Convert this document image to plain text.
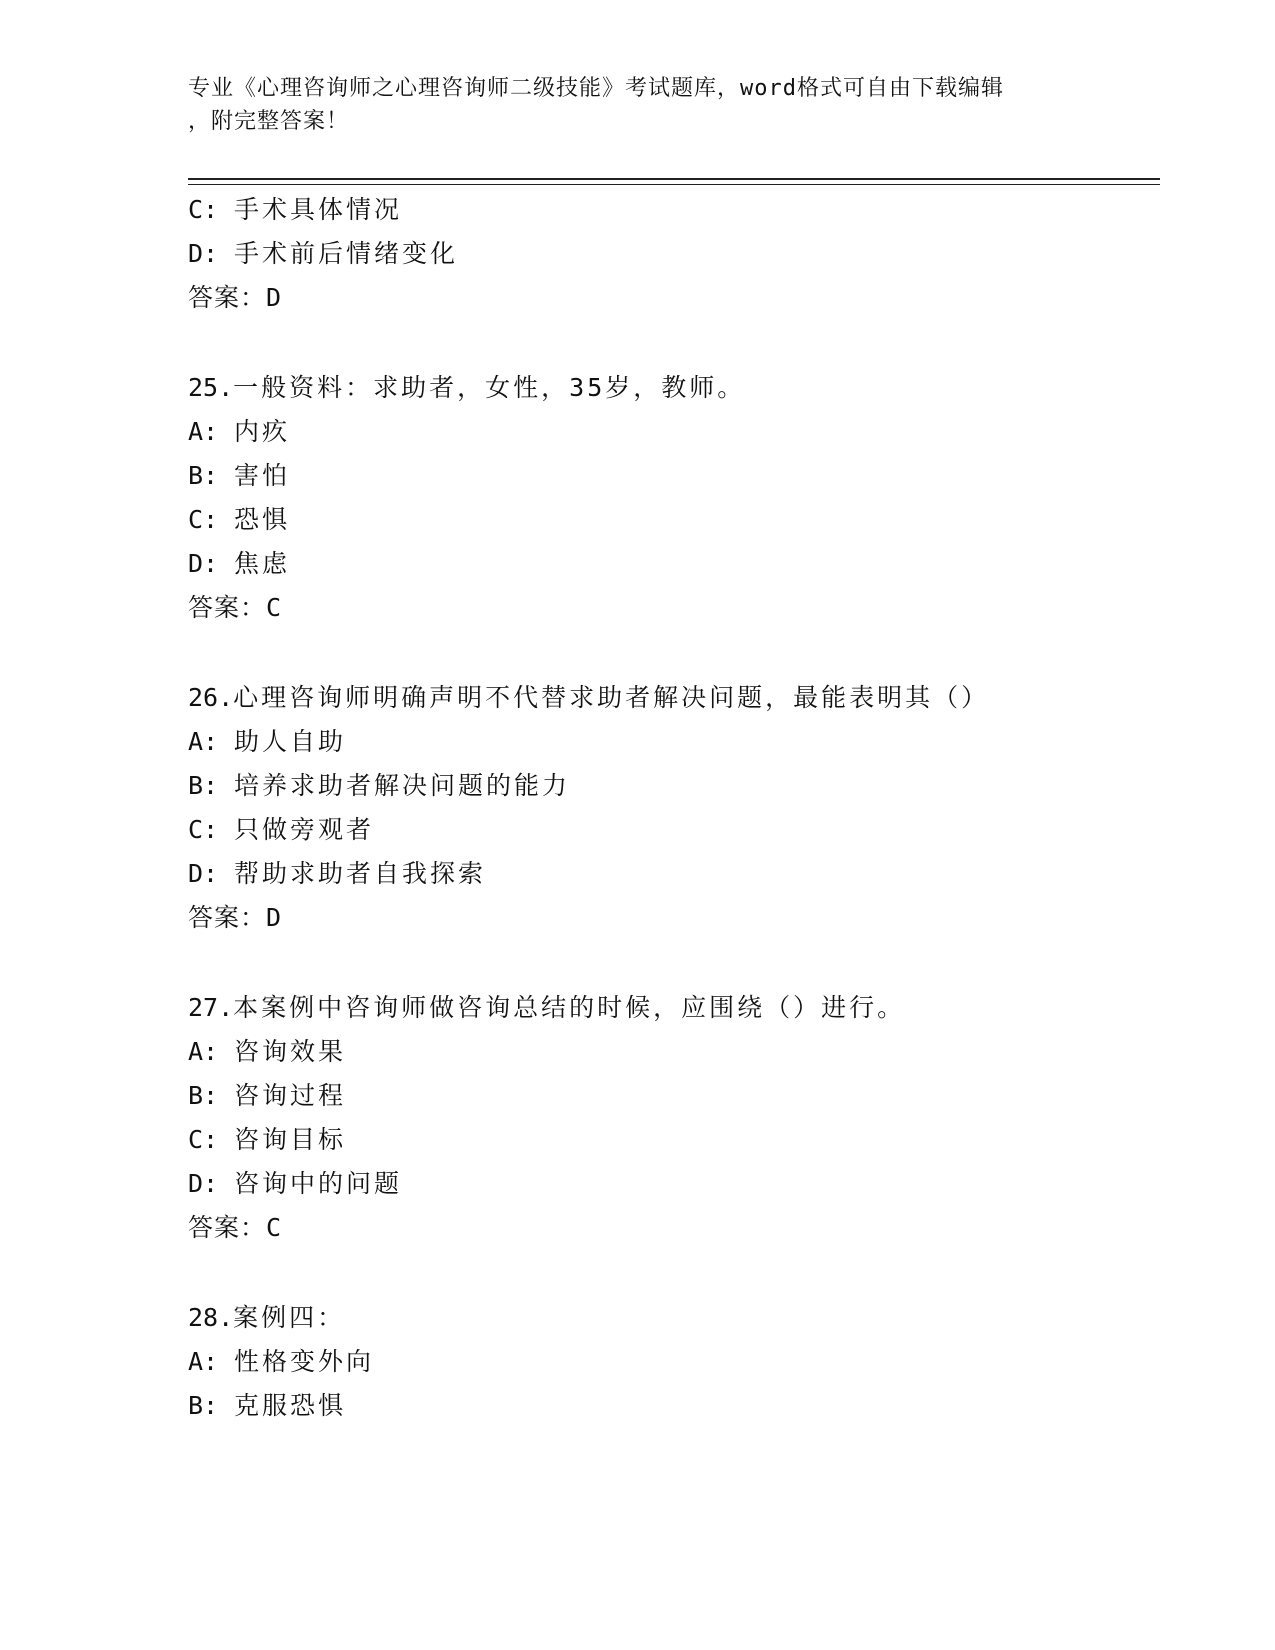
专业《心理咨询师之心理咨询师二级技能》考试题库，word格式可自由下载编辑
，附完整答案！
C: 手术具体情况
D: 手术前后情绪变化
答案：D
25.一般资料：求助者，女性，35岁，教师。
A: 内疚
B: 害怕
C: 恐惧
D: 焦虑
答案：C
26.心理咨询师明确声明不代替求助者解决问题，最能表明其（）
A: 助人自助
B: 培养求助者解决问题的能力
C: 只做旁观者
D: 帮助求助者自我探索
答案：D
27.本案例中咨询师做咨询总结的时候，应围绕（）进行。
A: 咨询效果
B: 咨询过程
C: 咨询目标
D: 咨询中的问题
答案：C
28.案例四：
A: 性格变外向
B: 克服恐惧
